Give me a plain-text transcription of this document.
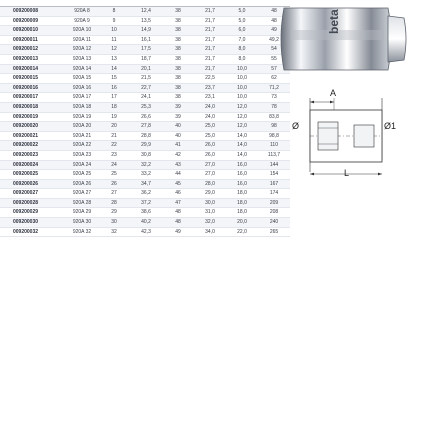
009200008	920A 8	8	12,4	38	21,7	5,0	48
009200009	920A 9	9	13,5	38	21,7	5,0	48
009200010	920A 10	10	14,9	38	21,7	6,0	49
009200011	920A 11	11	16,1	38	21,7	7,0	49,2
009200012	920A 12	12	17,5	38	21,7	8,0	54
009200013	920A 13	13	18,7	38	21,7	8,0	55
009200014	920A 14	14	20,1	38	21,7	10,0	57
009200015	920A 15	15	21,5	38	22,5	10,0	62
009200016	920A 16	16	22,7	38	23,7	10,0	71,2
009200017	920A 17	17	24,1	38	23,1	10,0	73
009200018	920A 18	18	25,3	39	24,0	12,0	78
009200019	920A 19	19	26,6	39	24,0	12,0	83,8
009200020	920A 20	20	27,8	40	25,0	12,0	98
009200021	920A 21	21	28,8	40	25,0	14,0	98,8
009200022	920A 22	22	29,9	41	26,0	14,0	110
009200023	920A 23	23	30,8	42	26,0	14,0	113,7
009200024	920A 24	24	32,2	43	27,0	16,0	144
009200025	920A 25	25	33,2	44	27,0	16,0	154
009200026	920A 26	26	34,7	45	28,0	16,0	167
009200027	920A 27	27	36,2	46	29,0	18,0	174
009200028	920A 28	28	37,2	47	30,0	18,0	209
009200029	920A 29	29	38,6	48	31,0	18,0	208
009200030	920A 30	30	40,2	48	32,0	20,0	240
009200032	920A 32	32	42,3	49	34,0	22,0	265
beta
A
Ø	Ø1
L
